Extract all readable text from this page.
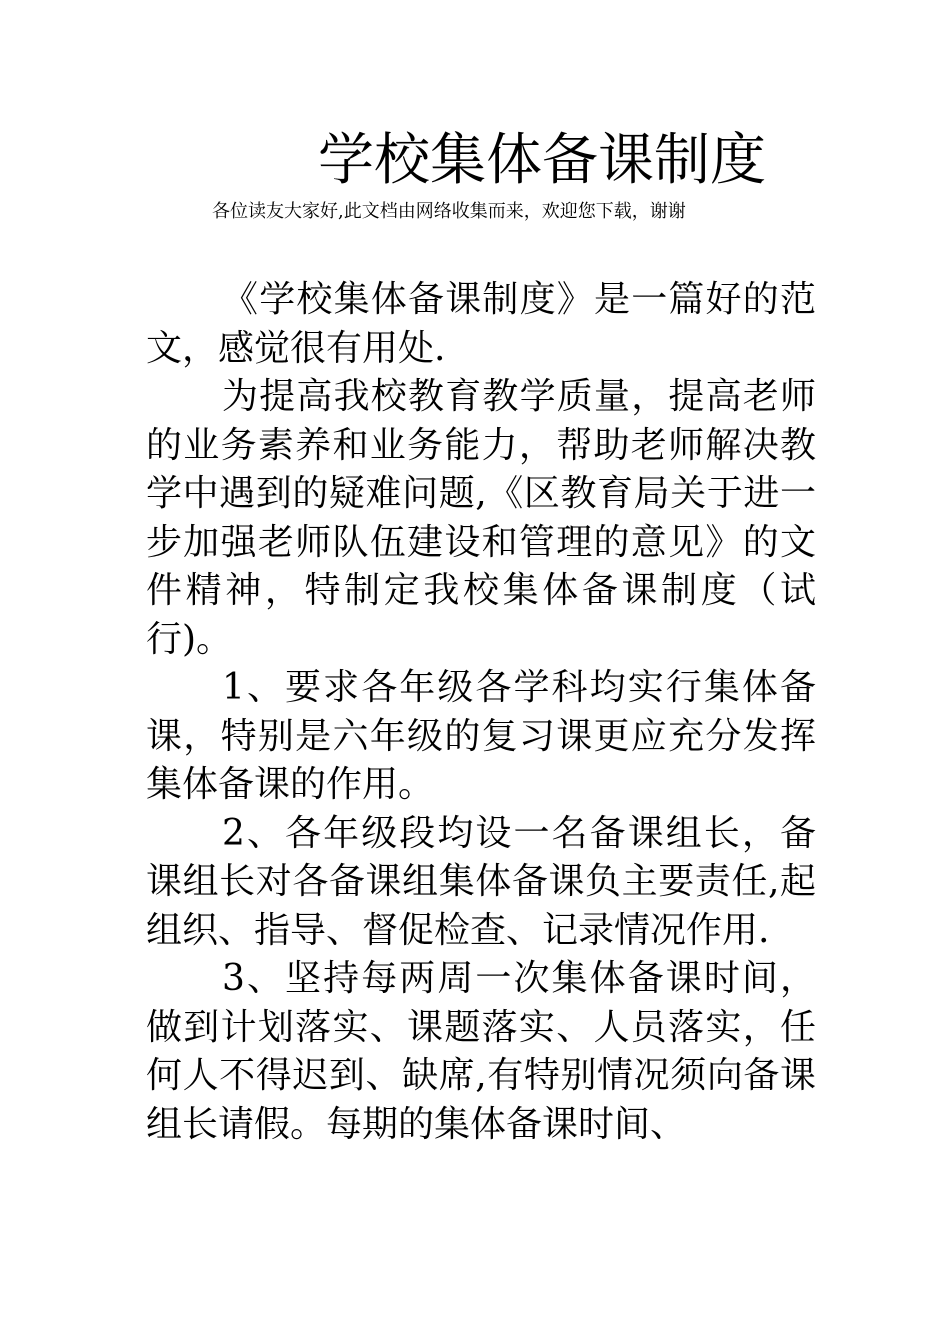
学校集体备课制度

各位读友大家好,此文档由网络收集而来，欢迎您下载，谢谢

《学校集体备课制度》是一篇好的范文，感觉很有用处.

为提高我校教育教学质量，提高老师的业务素养和业务能力，帮助老师解决教学中遇到的疑难问题,《区教育局关于进一步加强老师队伍建设和管理的意见》的文件精神，特制定我校集体备课制度（试行)。

1、要求各年级各学科均实行集体备课，特别是六年级的复习课更应充分发挥集体备课的作用。

2、各年级段均设一名备课组长，备课组长对各备课组集体备课负主要责任,起组织、指导、督促检查、记录情况作用.

3、坚持每两周一次集体备课时间，做到计划落实、课题落实、人员落实，任何人不得迟到、缺席,有特别情况须向备课组长请假。每期的集体备课时间、
